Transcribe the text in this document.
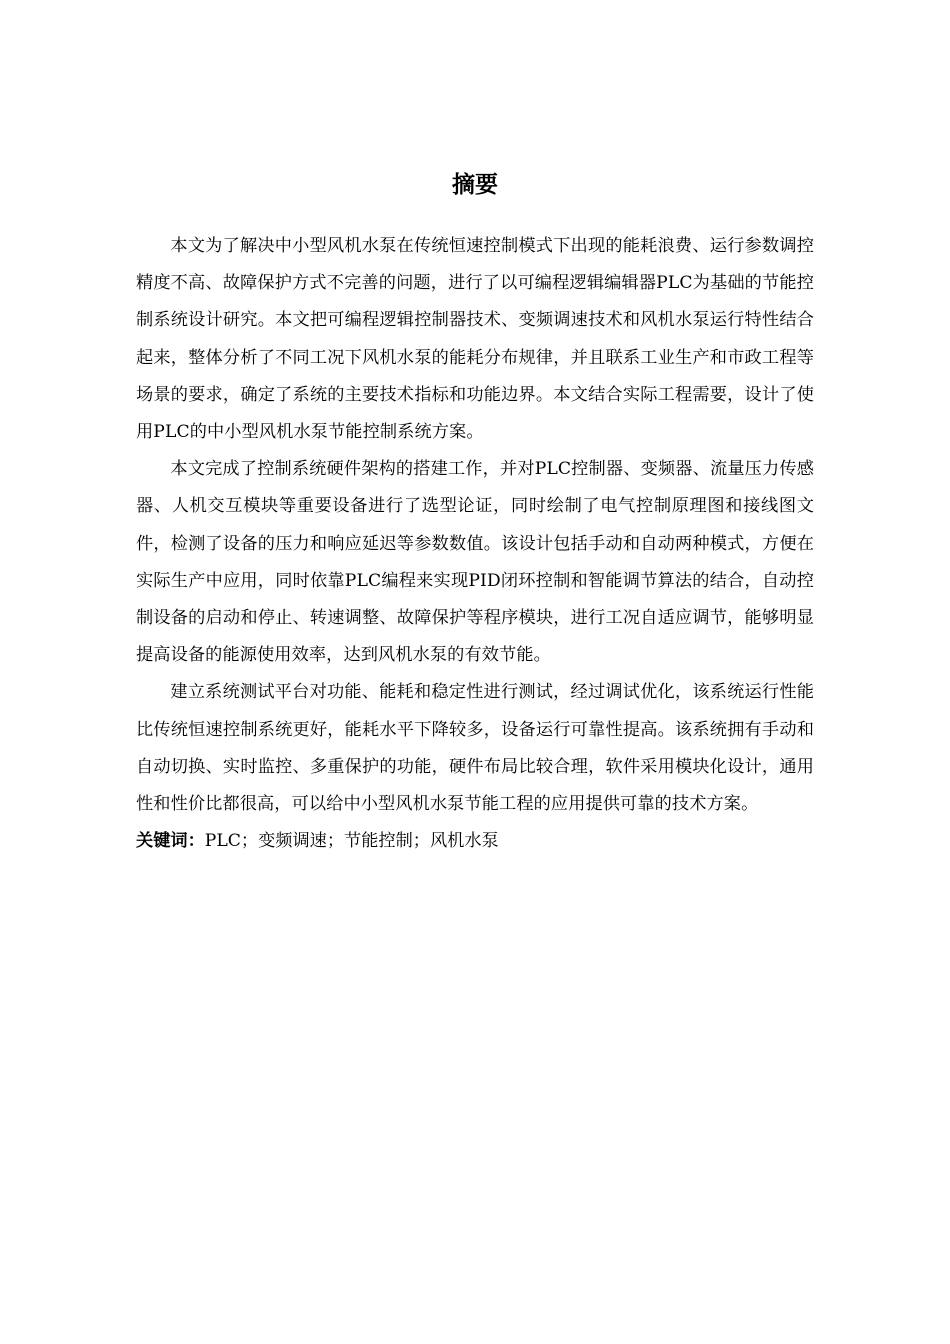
摘要

本文为了解决中小型风机水泵在传统恒速控制模式下出现的能耗浪费、运行参数调控精度不高、故障保护方式不完善的问题，进行了以可编程逻辑编辑器PLC为基础的节能控制系统设计研究。本文把可编程逻辑控制器技术、变频调速技术和风机水泵运行特性结合起来，整体分析了不同工况下风机水泵的能耗分布规律，并且联系工业生产和市政工程等场景的要求，确定了系统的主要技术指标和功能边界。本文结合实际工程需要，设计了使用PLC的中小型风机水泵节能控制系统方案。

本文完成了控制系统硬件架构的搭建工作，并对PLC控制器、变频器、流量压力传感器、人机交互模块等重要设备进行了选型论证，同时绘制了电气控制原理图和接线图文件，检测了设备的压力和响应延迟等参数数值。该设计包括手动和自动两种模式，方便在实际生产中应用，同时依靠PLC编程来实现PID闭环控制和智能调节算法的结合，自动控制设备的启动和停止、转速调整、故障保护等程序模块，进行工况自适应调节，能够明显提高设备的能源使用效率，达到风机水泵的有效节能。

建立系统测试平台对功能、能耗和稳定性进行测试，经过调试优化，该系统运行性能比传统恒速控制系统更好，能耗水平下降较多，设备运行可靠性提高。该系统拥有手动和自动切换、实时监控、多重保护的功能，硬件布局比较合理，软件采用模块化设计，通用性和性价比都很高，可以给中小型风机水泵节能工程的应用提供可靠的技术方案。

关键词：PLC；变频调速；节能控制；风机水泵
